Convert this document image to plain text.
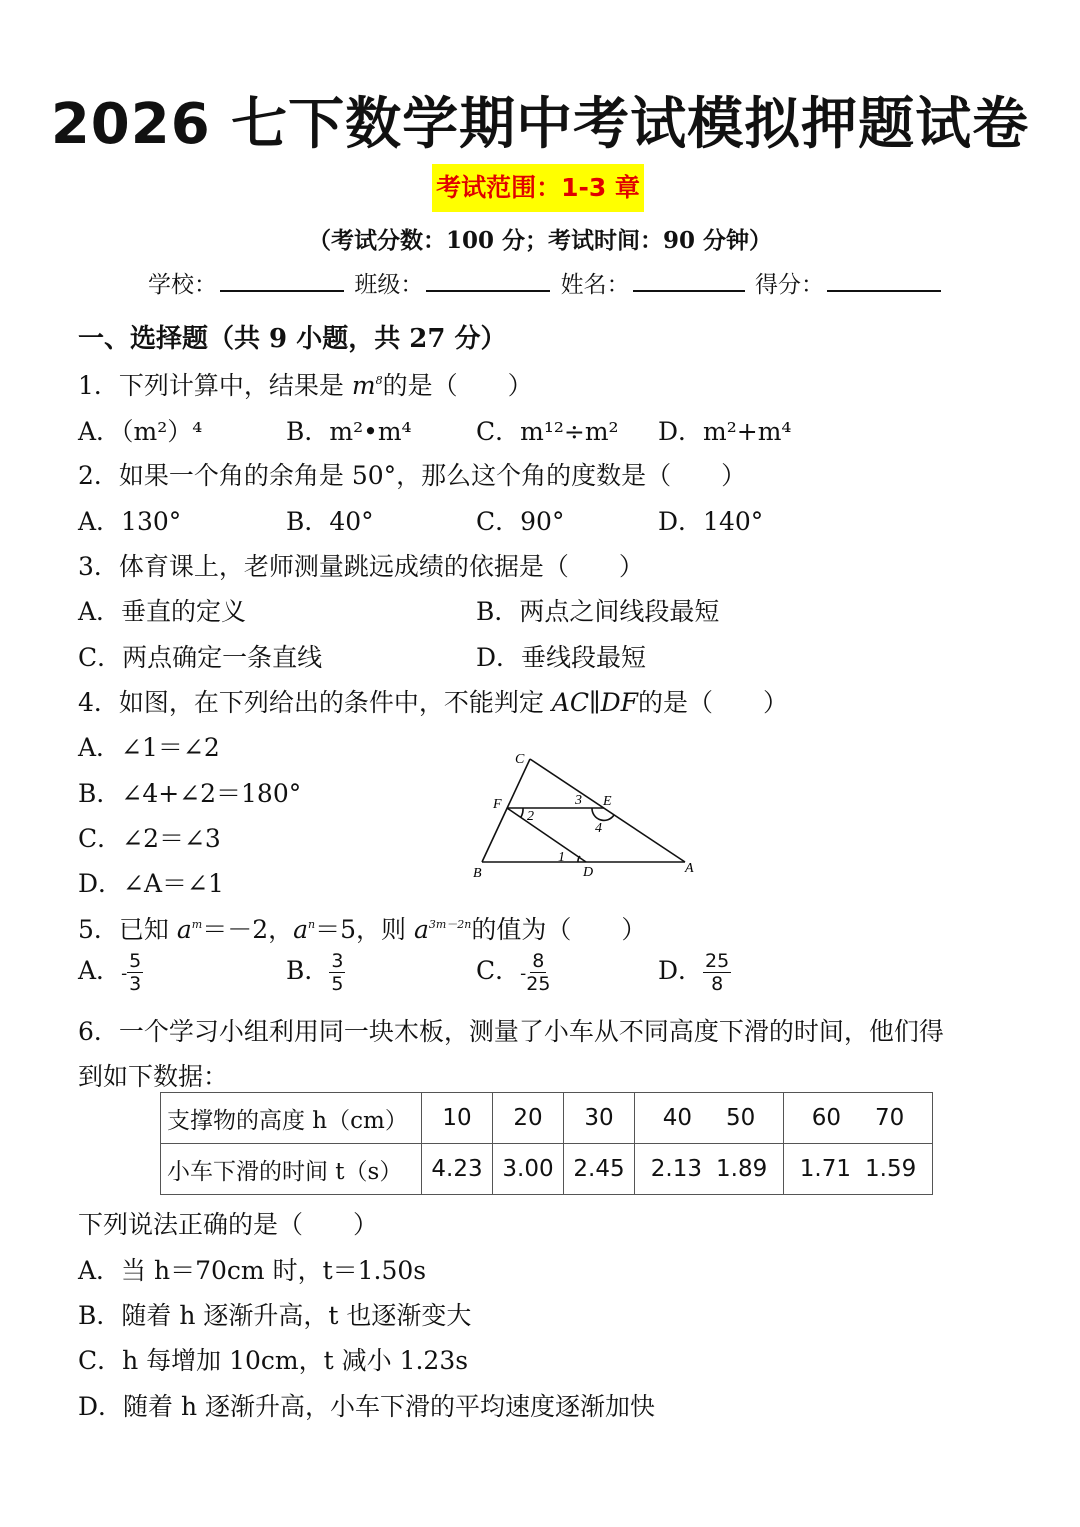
2026 七下数学期中考试模拟押题试卷
考试范围：1-3 章
（考试分数：100 分；考试时间：90 分钟）
学校：	班级：	姓名：	得分：
一、选择题（共 9 小题，共 27 分）
1．下列计算中，结果是 $m^8$的是（　　）
A．（m²）⁴	B．m²•m⁴	C．m¹²÷m² D．m²+m⁴
2．如果一个角的余角是 50°，那么这个角的度数是（　　）
A．130°	B．40°	C．90°	D．140°
3．体育课上，老师测量跳远成绩的依据是（　　）
A．垂直的定义	B．两点之间线段最短
C．两点确定一条直线	D．垂线段最短
4．如图，在下列给出的条件中，不能判定 AC∥DF的是（　　）
A．∠1＝∠2
B．∠4+∠2＝180°
C．∠2＝∠3
D．∠A＝∠1
C
F	E
B	D	A
1
2
3
4
5．已知 $a^m=-2$，$a^n=5$，则 $a^{3m-2n}$的值为（　　）
A．- $\frac{5}{3}$	B． $\frac{3}{5}$	C．- $\frac{8}{25}$	D． $\frac{25}{8}$
6．一个学习小组利用同一块木板，测量了小车从不同高度下滑的时间，他们得
到如下数据：
支撑物的高度 h（cm）	10	20	30	40 50	60 70
小车下滑的时间 t（s）	4.23	3.00	2.45	2.13 1.89	1.71 1.59
下列说法正确的是（　　）
A．当 h＝70cm 时，t＝1.50s
B．随着 h 逐渐升高，t 也逐渐变大
C．h 每增加 10cm，t 减小 1.23s
D．随着 h 逐渐升高，小车下滑的平均速度逐渐加快
